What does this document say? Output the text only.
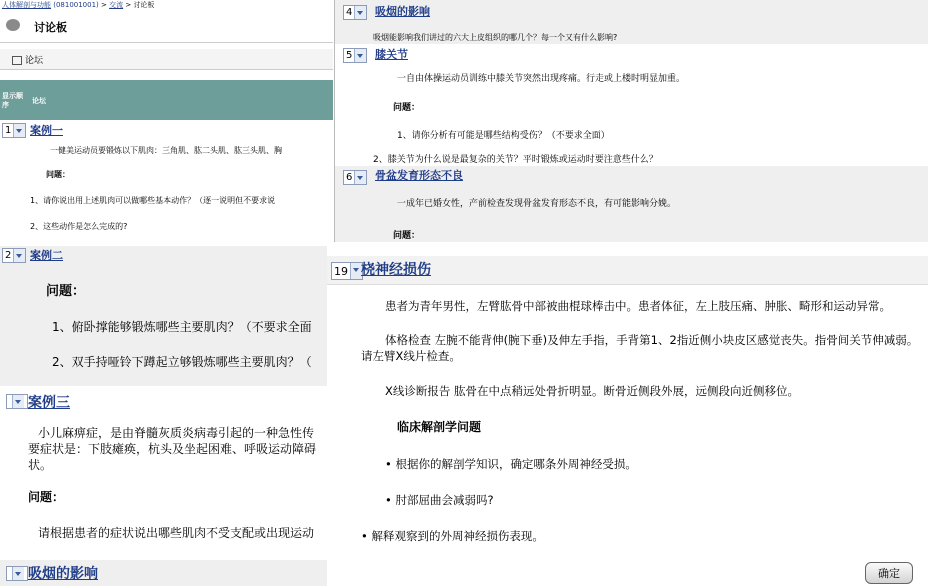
人体解剖与功能 (081001001) > 交流 > 讨论板
讨论板
论坛
显示顺序	论坛
1 案例一

一健美运动员要锻炼以下肌肉：三角肌、肱二头肌、肱三头肌、胸

问题：

1、请你说出用上述肌肉可以做哪些基本动作？（逐一说明但不要求说

2、这些动作是怎么完成的?

2 案例二

问题：

1、俯卧撑能够锻炼哪些主要肌肉？（不要求全面

2、双手持哑铃下蹲起立够锻炼哪些主要肌肉？（

案例三

小儿麻痹症，是由脊髓灰质炎病毒引起的一种急性传

要症状是：下肢瘫痪，杭头及坐起困难、呼吸运动障碍

状。

问题：

请根据患者的症状说出哪些肌肉不受支配或出现运动

吸烟的影响
4 吸烟的影响

吸烟能影响我们讲过的六大上皮组织的哪几个？每一个又有什么影响?

5 膝关节

一自由体操运动员训练中膝关节突然出现疼痛。行走或上楼时明显加重。

问题：

1、请你分析有可能是哪些结构受伤？（不要求全面）

2、膝关节为什么说是最复杂的关节？平时锻炼或运动时要注意些什么？

6 骨盆发育形态不良

一成年已婚女性，产前检查发现骨盆发育形态不良，有可能影响分娩。

问题：

19 桡神经损伤

患者为青年男性，左臂肱骨中部被曲棍球棒击中。患者体征，左上肢压痛、肿胀、畸形和运动异常。

体格检查 左腕不能背伸(腕下垂)及伸左手指，手背第1、2指近侧小块皮区感觉丧失。指骨间关节伸减弱。

请左臂X线片检查。

X线诊断报告 肱骨在中点稍远处骨折明显。断骨近侧段外展，远侧段向近侧移位。

临床解剖学问题

• 根据你的解剖学知识，确定哪条外周神经受损。

• 肘部屈曲会减弱吗?

• 解释观察到的外周神经损伤表现。

确定
